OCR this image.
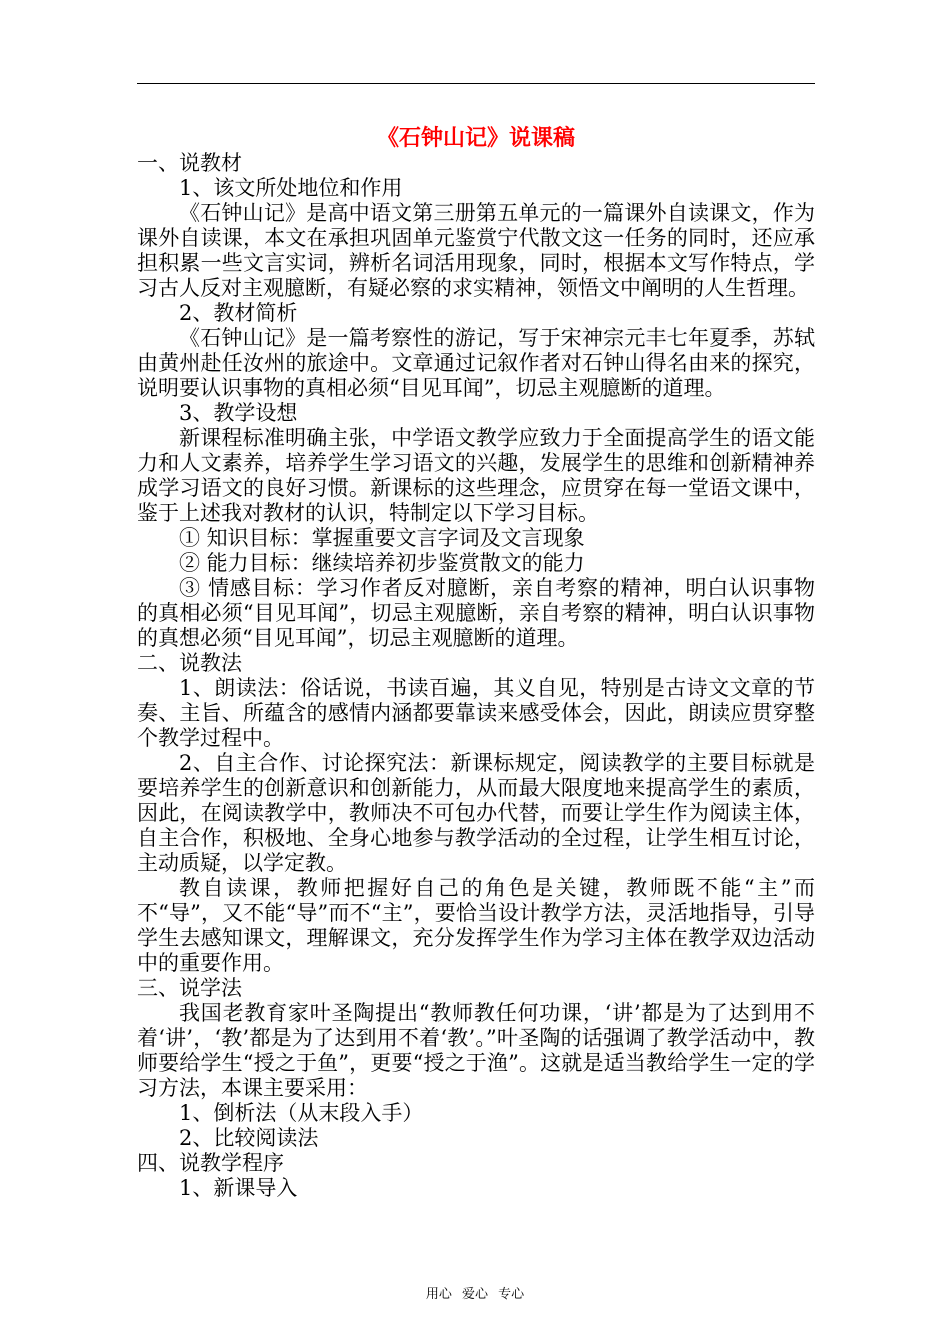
《石钟山记》说课稿

一、说教材

1、该文所处地位和作用

《石钟山记》是高中语文第三册第五单元的一篇课外自读课文，作为课外自读课，本文在承担巩固单元鉴赏宁代散文这一任务的同时，还应承担积累一些文言实词，辨析名词活用现象，同时，根据本文写作特点，学习古人反对主观臆断，有疑必察的求实精神，领悟文中阐明的人生哲理。

2、教材简析

《石钟山记》是一篇考察性的游记，写于宋神宗元丰七年夏季，苏轼由黄州赴任汝州的旅途中。文章通过记叙作者对石钟山得名由来的探究，说明要认识事物的真相必须“目见耳闻”，切忌主观臆断的道理。

3、教学设想

新课程标准明确主张，中学语文教学应致力于全面提高学生的语文能力和人文素养，培养学生学习语文的兴趣，发展学生的思维和创新精神养成学习语文的良好习惯。新课标的这些理念，应贯穿在每一堂语文课中，鉴于上述我对教材的认识，特制定以下学习目标。

① 知识目标：掌握重要文言字词及文言现象

② 能力目标：继续培养初步鉴赏散文的能力

③ 情感目标：学习作者反对臆断，亲自考察的精神，明白认识事物的真相必须“目见耳闻”，切忌主观臆断，亲自考察的精神，明白认识事物的真想必须“目见耳闻”，切忌主观臆断的道理。

二、说教法

1、朗读法：俗话说，书读百遍，其义自见，特别是古诗文文章的节奏、主旨、所蕴含的感情内涵都要靠读来感受体会，因此，朗读应贯穿整个教学过程中。

2、自主合作、讨论探究法：新课标规定，阅读教学的主要目标就是要培养学生的创新意识和创新能力，从而最大限度地来提高学生的素质，因此，在阅读教学中，教师决不可包办代替，而要让学生作为阅读主体，自主合作，积极地、全身心地参与教学活动的全过程，让学生相互讨论，主动质疑，以学定教。

教自读课，教师把握好自己的角色是关键，教师既不能“主”而不“导”，又不能“导”而不“主”，要恰当设计教学方法，灵活地指导，引导学生去感知课文，理解课文，充分发挥学生作为学习主体在教学双边活动中的重要作用。

三、说学法

我国老教育家叶圣陶提出“教师教任何功课，‘讲’都是为了达到用不着‘讲’，‘教’都是为了达到用不着‘教’。”叶圣陶的话强调了教学活动中，教师要给学生“授之于鱼”，更要“授之于渔”。这就是适当教给学生一定的学习方法，本课主要采用：

1、倒析法（从末段入手）

2、比较阅读法

四、说教学程序

1、新课导入

用心 爱心 专心
